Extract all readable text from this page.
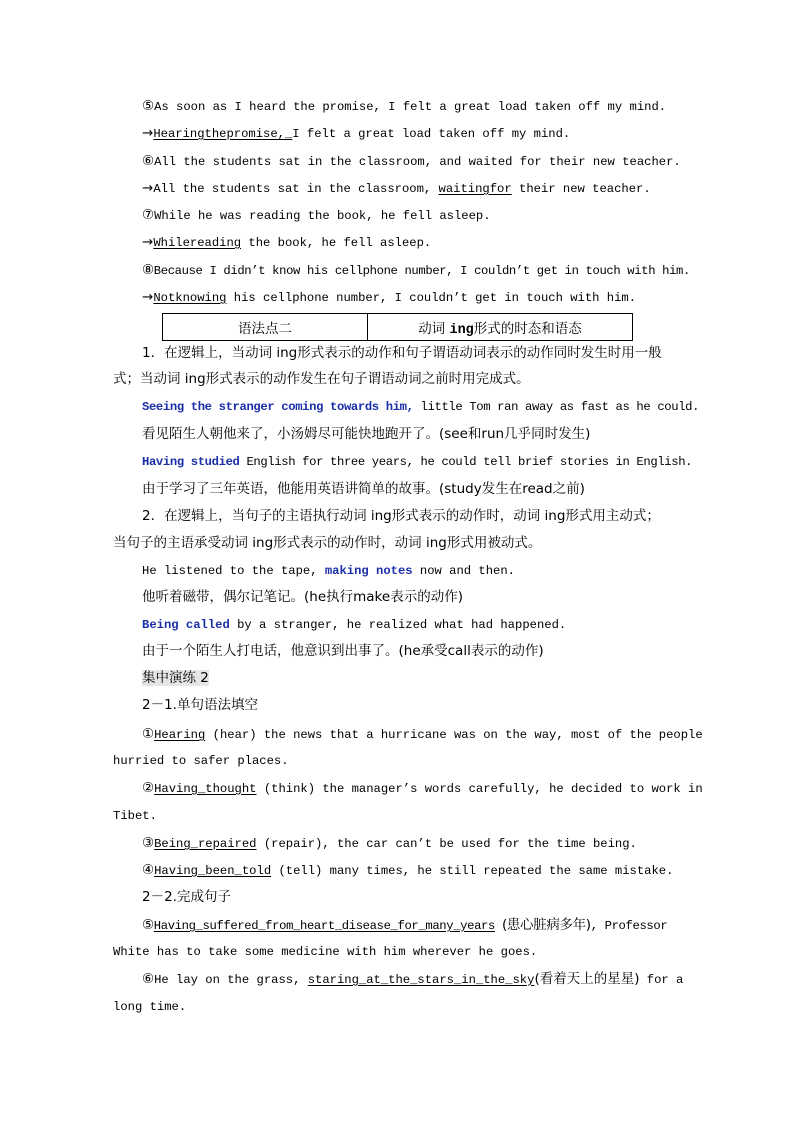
⑤As soon as I heard the promise, I felt a great load taken off my mind.
→Hearingthepromise,_I felt a great load taken off my mind.
⑥All the students sat in the classroom, and waited for their new teacher.
→All the students sat in the classroom, waitingfor their new teacher.
⑦While he was reading the book, he fell asleep.
→Whilereading the book, he fell asleep.
⑧Because I didn’t know his cellphone number, I couldn’t get in touch with him.
→Notknowing his cellphone number, I couldn’t get in touch with him.
语法点二	动词 ing形式的时态和语态
1．在逻辑上，当动词 ing形式表示的动作和句子谓语动词表示的动作同时发生时用一般
式；当动词 ing形式表示的动作发生在句子谓语动词之前时用完成式。
Seeing the stranger coming towards him, little Tom ran away as fast as he could.
看见陌生人朝他来了，小汤姆尽可能快地跑开了。(see和run几乎同时发生)
Having studied English for three years, he could tell brief stories in English.
由于学习了三年英语，他能用英语讲简单的故事。(study发生在read之前)
2．在逻辑上，当句子的主语执行动词 ing形式表示的动作时，动词 ing形式用主动式；
当句子的主语承受动词 ing形式表示的动作时，动词 ing形式用被动式。
He listened to the tape, making notes now and then.
他听着磁带，偶尔记笔记。(he执行make表示的动作)
Being called by a stranger, he realized what had happened.
由于一个陌生人打电话，他意识到出事了。(he承受call表示的动作)
集中演练 2
2－1.单句语法填空
①Hearing (hear) the news that a hurricane was on the way, most of the people
hurried to safer places.
②Having_thought (think) the manager’s words carefully, he decided to work in
Tibet.
③Being_repaired (repair), the car can’t be used for the time being.
④Having_been_told (tell) many times, he still repeated the same mistake.
2－2.完成句子
⑤Having_suffered_from_heart_disease_for_many_years (患心脏病多年), Professor
White has to take some medicine with him wherever he goes.
⑥He lay on the grass, staring_at_the_stars_in_the_sky(看着天上的星星) for a
long time.
